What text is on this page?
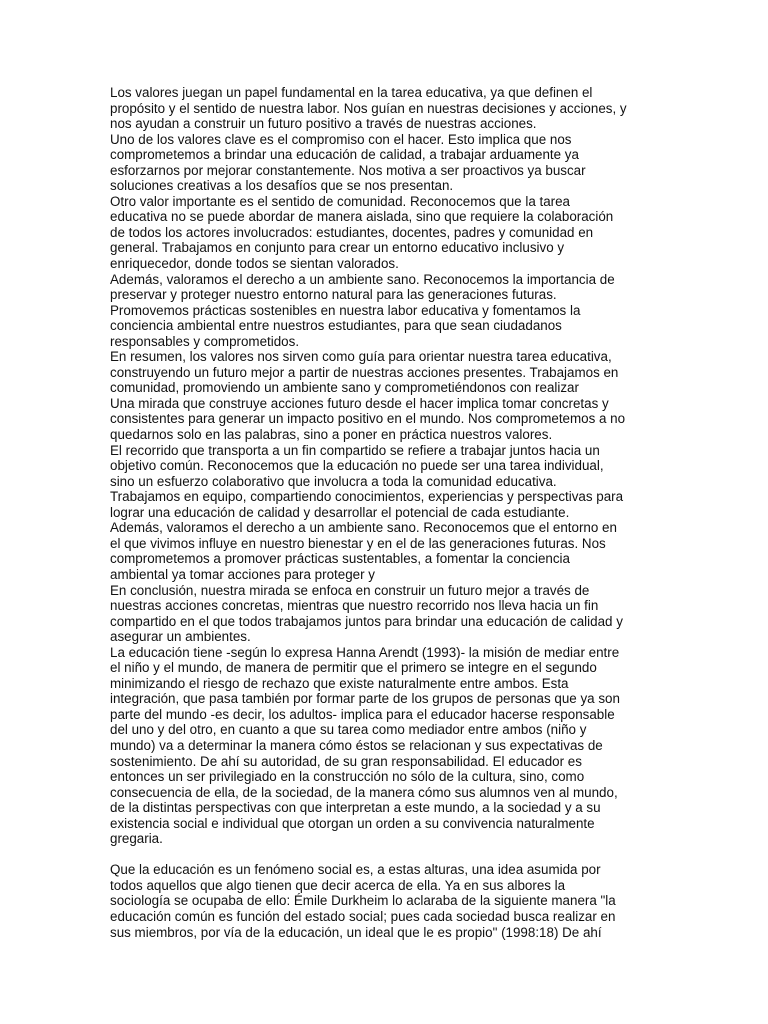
Los valores juegan un papel fundamental en la tarea educativa, ya que definen el
propósito y el sentido de nuestra labor. Nos guían en nuestras decisiones y acciones, y
nos ayudan a construir un futuro positivo a través de nuestras acciones.
Uno de los valores clave es el compromiso con el hacer. Esto implica que nos
comprometemos a brindar una educación de calidad, a trabajar arduamente ya
esforzarnos por mejorar constantemente. Nos motiva a ser proactivos ya buscar
soluciones creativas a los desafíos que se nos presentan.
Otro valor importante es el sentido de comunidad. Reconocemos que la tarea
educativa no se puede abordar de manera aislada, sino que requiere la colaboración
de todos los actores involucrados: estudiantes, docentes, padres y comunidad en
general. Trabajamos en conjunto para crear un entorno educativo inclusivo y
enriquecedor, donde todos se sientan valorados.
Además, valoramos el derecho a un ambiente sano. Reconocemos la importancia de
preservar y proteger nuestro entorno natural para las generaciones futuras.
Promovemos prácticas sostenibles en nuestra labor educativa y fomentamos la
conciencia ambiental entre nuestros estudiantes, para que sean ciudadanos
responsables y comprometidos.
En resumen, los valores nos sirven como guía para orientar nuestra tarea educativa,
construyendo un futuro mejor a partir de nuestras acciones presentes. Trabajamos en
comunidad, promoviendo un ambiente sano y comprometiéndonos con realizar
Una mirada que construye acciones futuro desde el hacer implica tomar concretas y
consistentes para generar un impacto positivo en el mundo. Nos comprometemos a no
quedarnos solo en las palabras, sino a poner en práctica nuestros valores.
El recorrido que transporta a un fin compartido se refiere a trabajar juntos hacia un
objetivo común. Reconocemos que la educación no puede ser una tarea individual,
sino un esfuerzo colaborativo que involucra a toda la comunidad educativa.
Trabajamos en equipo, compartiendo conocimientos, experiencias y perspectivas para
lograr una educación de calidad y desarrollar el potencial de cada estudiante.
Además, valoramos el derecho a un ambiente sano. Reconocemos que el entorno en
el que vivimos influye en nuestro bienestar y en el de las generaciones futuras. Nos
comprometemos a promover prácticas sustentables, a fomentar la conciencia
ambiental ya tomar acciones para proteger y
En conclusión, nuestra mirada se enfoca en construir un futuro mejor a través de
nuestras acciones concretas, mientras que nuestro recorrido nos lleva hacia un fin
compartido en el que todos trabajamos juntos para brindar una educación de calidad y
asegurar un ambientes.
La educación tiene -según lo expresa Hanna Arendt (1993)- la misión de mediar entre
el niño y el mundo, de manera de permitir que el primero se integre en el segundo
minimizando el riesgo de rechazo que existe naturalmente entre ambos. Esta
integración, que pasa también por formar parte de los grupos de personas que ya son
parte del mundo -es decir, los adultos- implica para el educador hacerse responsable
del uno y del otro, en cuanto a que su tarea como mediador entre ambos (niño y
mundo) va a determinar la manera cómo éstos se relacionan y sus expectativas de
sostenimiento. De ahí su autoridad, de su gran responsabilidad. El educador es
entonces un ser privilegiado en la construcción no sólo de la cultura, sino, como
consecuencia de ella, de la sociedad, de la manera cómo sus alumnos ven al mundo,
de la distintas perspectivas con que interpretan a este mundo, a la sociedad y a su
existencia social e individual que otorgan un orden a su convivencia naturalmente
gregaria.
Que la educación es un fenómeno social es, a estas alturas, una idea asumida por
todos aquellos que algo tienen que decir acerca de ella. Ya en sus albores la
sociología se ocupaba de ello: Émile Durkheim lo aclaraba de la siguiente manera "la
educación común es función del estado social; pues cada sociedad busca realizar en
sus miembros, por vía de la educación, un ideal que le es propio" (1998:18) De ahí
